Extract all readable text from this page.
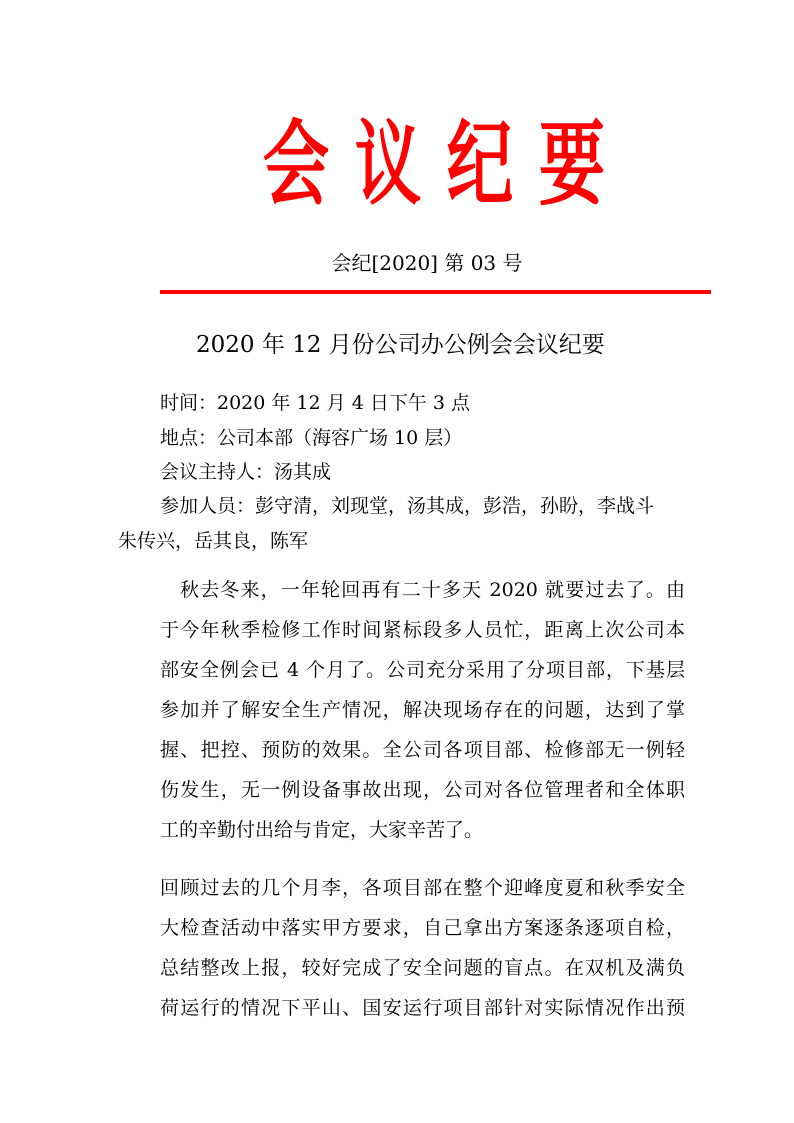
会 议 纪 要
会纪[2020] 第 03 号
2020 年 12 月份公司办公例会会议纪要
时间：2020 年 12 月 4 日下午 3 点
地点：公司本部（海容广场 10 层）
会议主持人：汤其成
参加人员：彭守清，刘现堂，汤其成，彭浩，孙盼，李战斗
朱传兴，岳其良，陈军
秋去冬来，一年轮回再有二十多天 2020 就要过去了。由
于今年秋季检修工作时间紧标段多人员忙，距离上次公司本
部安全例会已 4 个月了。公司充分采用了分项目部，下基层
参加并了解安全生产情况，解决现场存在的问题，达到了掌
握、把控、预防的效果。全公司各项目部、检修部无一例轻
伤发生，无一例设备事故出现，公司对各位管理者和全体职
工的辛勤付出给与肯定，大家辛苦了。
回顾过去的几个月李，各项目部在整个迎峰度夏和秋季安全
大检查活动中落实甲方要求，自己拿出方案逐条逐项自检，
总结整改上报，较好完成了安全问题的盲点。在双机及满负
荷运行的情况下平山、国安运行项目部针对实际情况作出预
